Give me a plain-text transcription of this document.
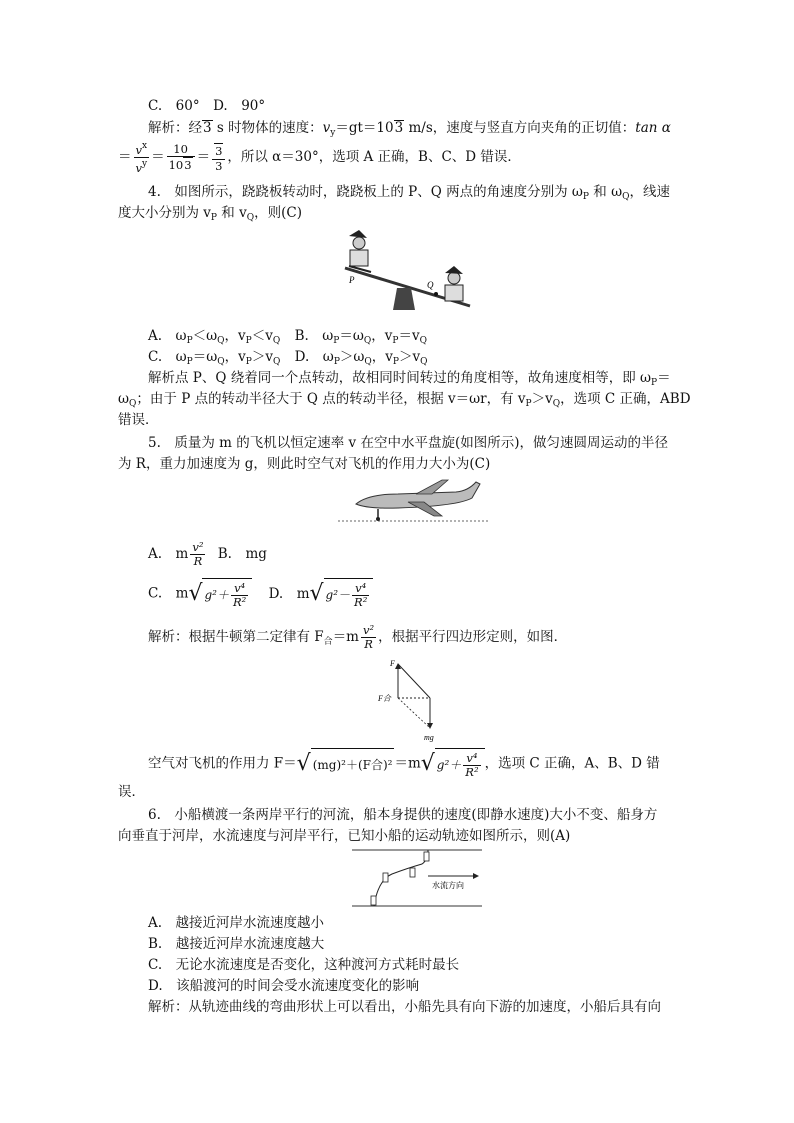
C.　60°　D.　90°
解析：经3 s 时物体的速度：$v_y=gt=103$ m/s，速度与竖直方向夹角的正切值：tan α
＝ $\frac{v^x}{v^y} = \frac{10}{103} = \frac{3}{3}$ ，所以 α＝30°，选项 A 正确，B、C、D 错误．
4.　如图所示，跷跷板转动时，跷跷板上的 P、Q 两点的角速度分别为 $\omega_P$ 和 $\omega_Q$，线速
度大小分别为 $v_P$ 和 $v_Q$，则(C)
P	Q
A.　$\omega_P<\omega_Q$，$v_P<v_Q$ B.　$\omega_P=\omega_Q$，$v_P=v_Q$
C.　$\omega_P=\omega_Q$，$v_P>v_Q$ D.　$\omega_P>\omega_Q$，$v_P>v_Q$
解析点 P、Q 绕着同一个点转动，故相同时间转过的角度相等，故角速度相等，即 $\omega_P=$
$\omega_Q$；由于 P 点的转动半径大于 Q 点的转动半径，根据 v＝ωr，有 $v_P>v_Q$，选项 C 正确，ABD
错误．
5.　质量为 m 的飞机以恒定速率 v 在空中水平盘旋(如图所示)，做匀速圆周运动的半径
为 R，重力加速度为 g，则此时空气对飞机的作用力大小为(C)
A.　m $\frac{\text{v²}}{R} B$.　mg
C.　m√ $g^2+ \frac{\text{v⁴}}{\text{R²}} D$.　m√ $g^2- \frac{\text{v⁴}}{\text{R²}}$
解析：根据牛顿第二定律有 $F_合=m \frac{\text{v²}}{R}$ ，根据平行四边形定则，如图．
F
F合
mg
空气对飞机的作用力 F＝√ (mg)²＋(F合)² ＝m√ $g^2+ \frac{\text{v⁴}}{\text{R²}}$ ，选项 C 正确，A、B、D 错
误．
6.　小船横渡一条两岸平行的河流，船本身提供的速度(即静水速度)大小不变、船身方
向垂直于河岸，水流速度与河岸平行，已知小船的运动轨迹如图所示，则(A)
水流方向
A.　越接近河岸水流速度越小
B.　越接近河岸水流速度越大
C.　无论水流速度是否变化，这种渡河方式耗时最长
D.　该船渡河的时间会受水流速度变化的影响
解析：从轨迹曲线的弯曲形状上可以看出，小船先具有向下游的加速度，小船后具有向
